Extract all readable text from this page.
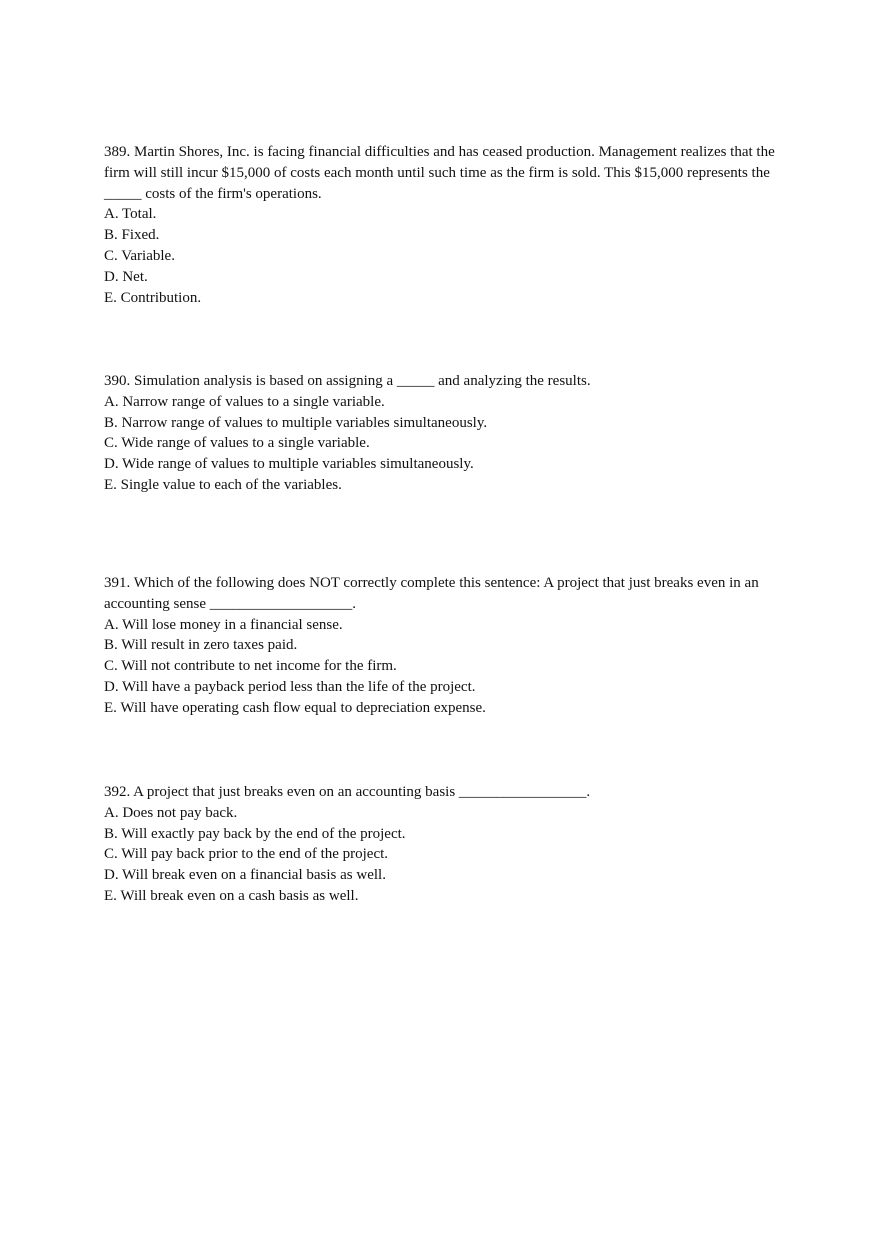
389. Martin Shores, Inc. is facing financial difficulties and has ceased production. Management realizes that the firm will still incur $15,000 of costs each month until such time as the firm is sold. This $15,000 represents the _____ costs of the firm's operations.

A. Total.
B. Fixed.
C. Variable.
D. Net.
E. Contribution.

390. Simulation analysis is based on assigning a _____ and analyzing the results.

A. Narrow range of values to a single variable.
B. Narrow range of values to multiple variables simultaneously.
C. Wide range of values to a single variable.
D. Wide range of values to multiple variables simultaneously.
E. Single value to each of the variables.

391. Which of the following does NOT correctly complete this sentence: A project that just breaks even in an accounting sense ___________________.

A. Will lose money in a financial sense.
B. Will result in zero taxes paid.
C. Will not contribute to net income for the firm.
D. Will have a payback period less than the life of the project.
E. Will have operating cash flow equal to depreciation expense.

392. A project that just breaks even on an accounting basis _________________.

A. Does not pay back.
B. Will exactly pay back by the end of the project.
C. Will pay back prior to the end of the project.
D. Will break even on a financial basis as well.
E. Will break even on a cash basis as well.
